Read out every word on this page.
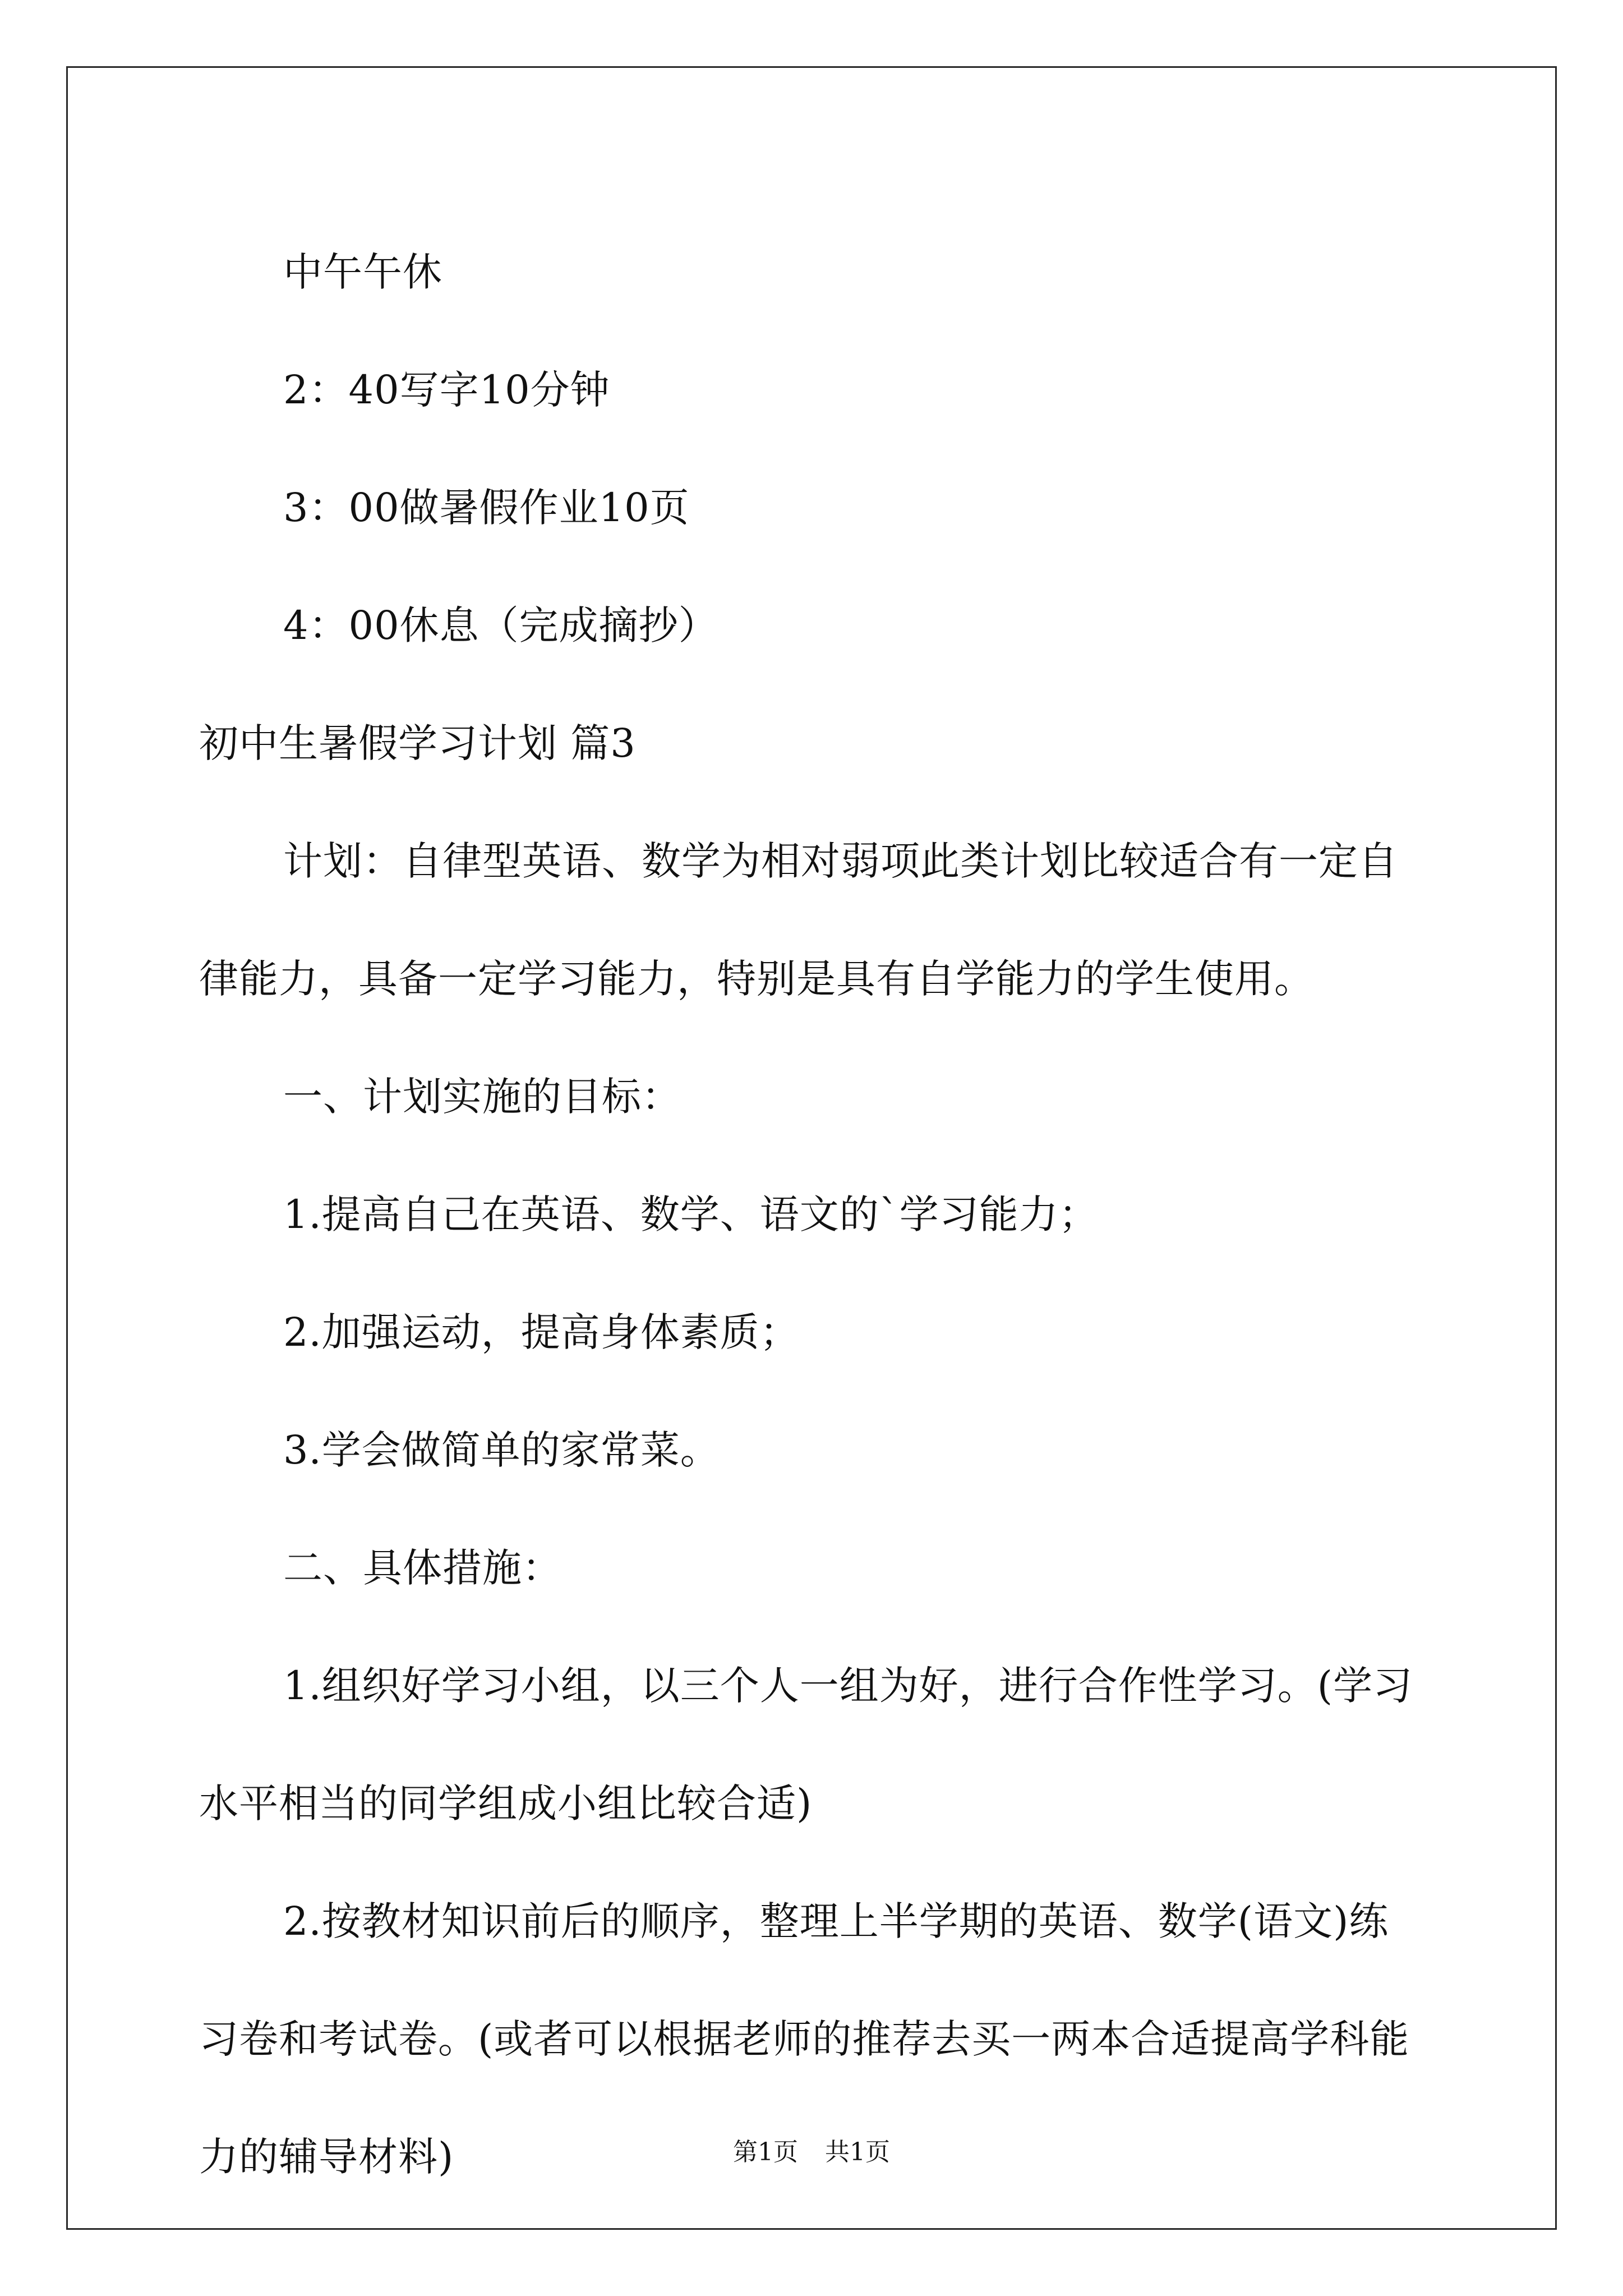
中午午休

2：40写字10分钟

3：00做暑假作业10页

4：00休息（完成摘抄）

初中生暑假学习计划 篇3

计划：自律型英语、数学为相对弱项此类计划比较适合有一定自

律能力，具备一定学习能力，特别是具有自学能力的学生使用。

一、计划实施的目标：

1.提高自己在英语、数学、语文的`学习能力；

2.加强运动，提高身体素质；

3.学会做简单的家常菜。

二、具体措施：

1.组织好学习小组，以三个人一组为好，进行合作性学习。(学习

水平相当的同学组成小组比较合适)

2.按教材知识前后的顺序，整理上半学期的英语、数学(语文)练

习卷和考试卷。(或者可以根据老师的推荐去买一两本合适提高学科能

力的辅导材料)	第1页 共1页
